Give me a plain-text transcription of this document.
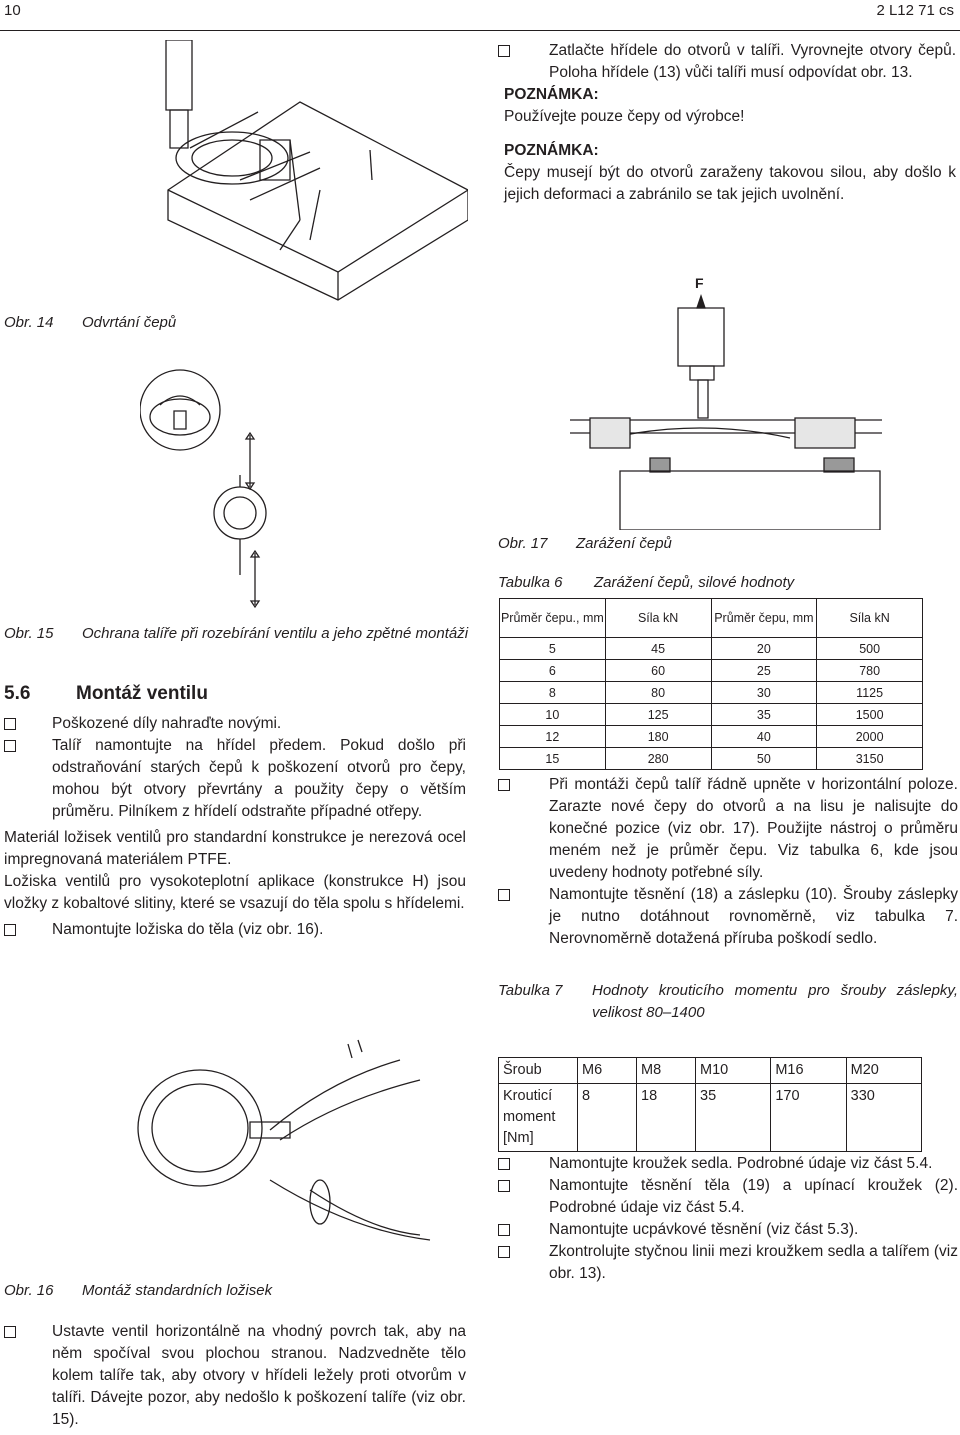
10	2 L12 71 cs
Obr. 14 Odvrtání čepů
F
Zatlačte hřídele do otvorů v talíři. Vyrovnejte otvory čepů. Poloha hřídele (13) vůči talíři musí odpovídat obr. 13.

POZNÁMKA:

Používejte pouze čepy od výrobce!

POZNÁMKA:

Čepy musejí být do otvorů zaraženy takovou silou, aby došlo k jejich deformaci a zabránilo se tak jejich uvolnění.

Obr. 17 Zarážení čepů
Tabulka 6 Zarážení čepů, silové hodnoty
Průměr čepu., mm	Síla kN	Průměr čepu, mm	Síla kN
5	45	20	500
6	60	25	780
8	80	30	1125
10	125	35	1500
12	180	40	2000
15	280	50	3150
Při montáži čepů talíř řádně upněte v horizontální poloze. Zarazte nové čepy do otvorů a na lisu je nalisujte do konečné pozice (viz obr. 17). Použijte nástroj o průměru meném než je průměr čepu. Viz tabulka 6, kde jsou uvedeny hodnoty potřebné síly.
Namontujte těsnění (18) a záslepku (10). Šrouby záslepky je nutno dotáhnout rovnoměrně, viz tabulka 7. Nerovnoměrně dotažená příruba poškodí sedlo.
Tabulka 7	Hodnoty krouticího momentu pro šrouby záslepky, velikost 80–1400
Šroub	M6	M8	M10	M16	M20
Krouticí moment [Nm]	8	18	35	170	330
Namontujte kroužek sedla. Podrobné údaje viz část 5.4.
Namontujte těsnění těla (19) a upínací kroužek (2). Podrobné údaje viz část 5.4.
Namontujte ucpávkové těsnění (viz část 5.3).
Zkontrolujte styčnou linii mezi kroužkem sedla a talířem (viz obr. 13).
Obr. 15	Ochrana talíře při rozebírání ventilu a jeho zpětné montáži
5.6 Montáž ventilu
Poškozené díly nahraďte novými.
Talíř namontujte na hřídel předem. Pokud došlo při odstraňování starých čepů k poškození otvorů pro čepy, mohou být otvory převrtány a použity čepy o větším průměru. Pilníkem z hřídelí odstraňte případné otřepy.

Materiál ložisek ventilů pro standardní konstrukce je nerezová ocel impregnovaná materiálem PTFE.

Ložiska ventilů pro vysokoteplotní aplikace (konstrukce H) jsou vložky z kobaltové slitiny, které se vsazují do těla spolu s hřídelemi.

Namontujte ložiska do těla (viz obr. 16).
Obr. 16 Montáž standardních ložisek
Ustavte ventil horizontálně na vhodný povrch tak, aby na něm spočíval svou plochou stranou. Nadzvedněte tělo kolem talíře tak, aby otvory v hřídeli ležely proti otvorům v talíři. Dávejte pozor, aby nedošlo k poškození talíře (viz obr. 15).
